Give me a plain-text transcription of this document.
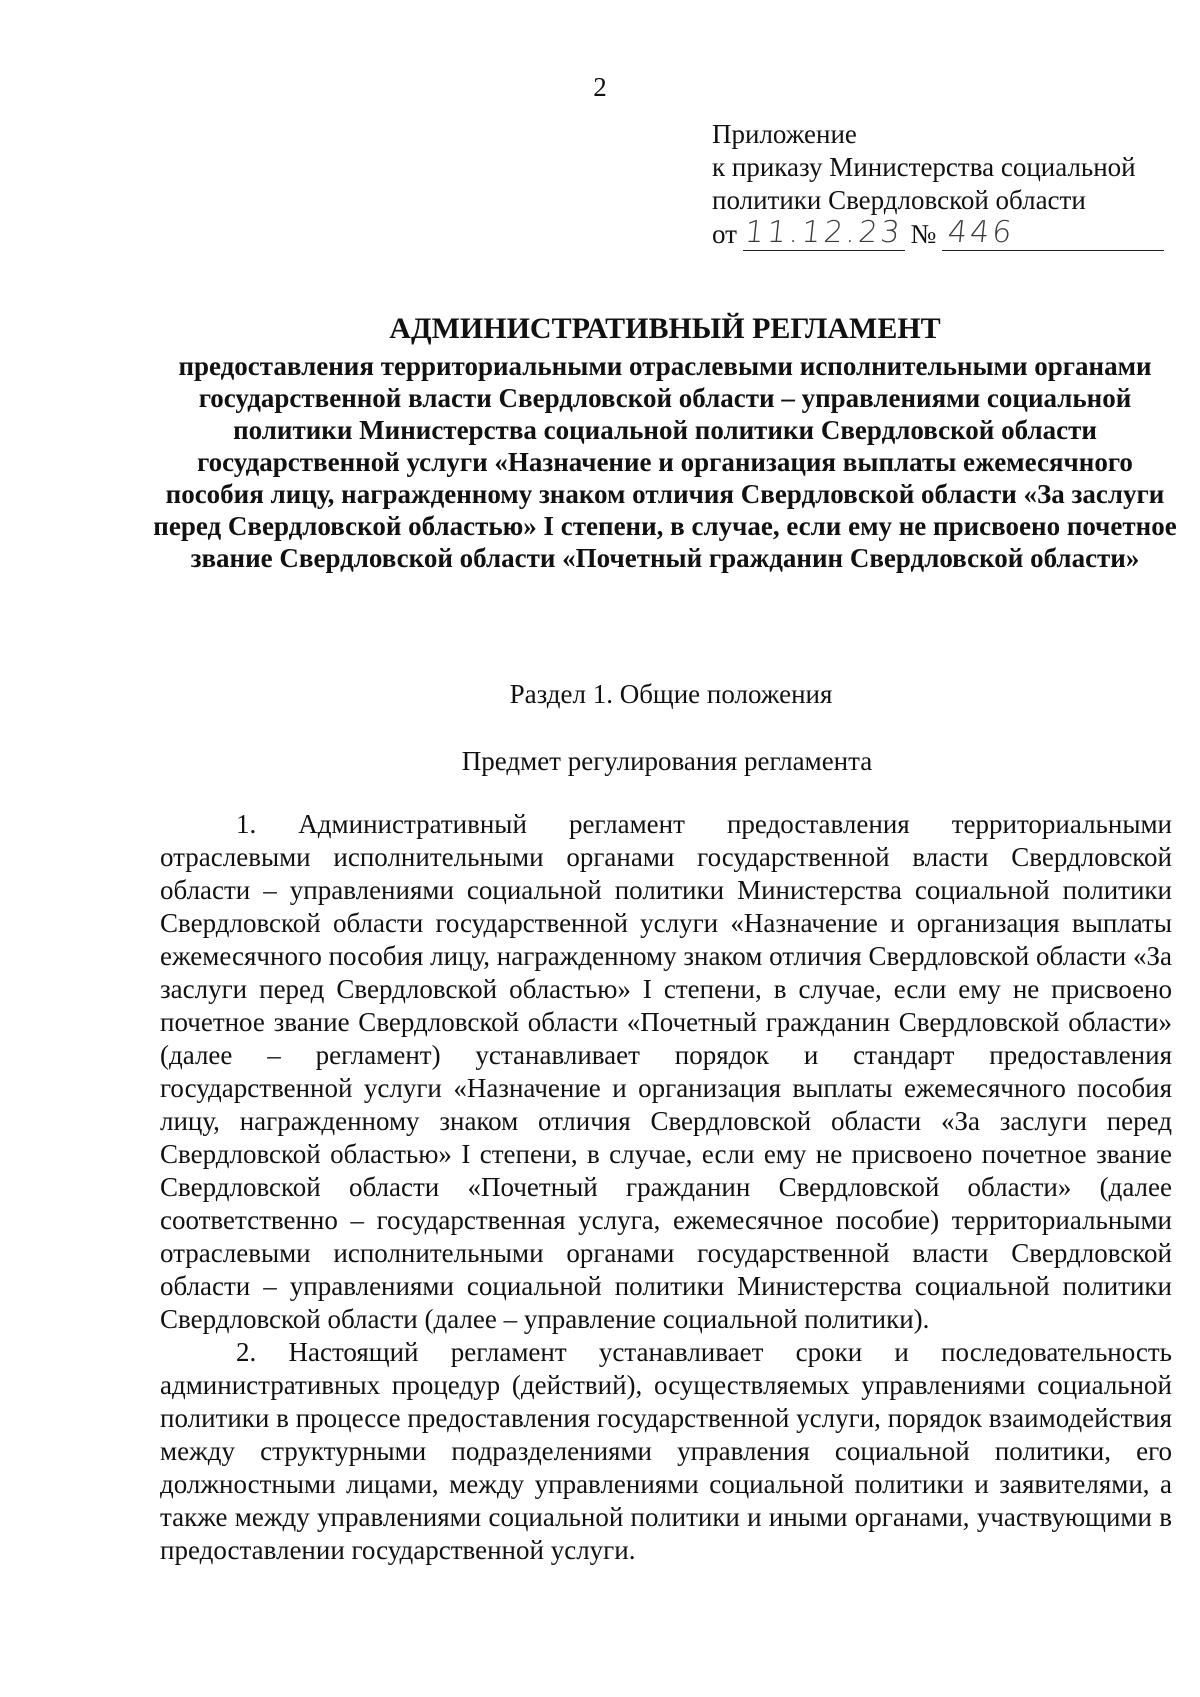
2
Приложение
к приказу Министерства социальной
политики Свердловской области
от 11.12.23 № 446
АДМИНИСТРАТИВНЫЙ РЕГЛАМЕНТ
предоставления территориальными отраслевыми исполнительными органами государственной власти Свердловской области – управлениями социальной политики Министерства социальной политики Свердловской области государственной услуги «Назначение и организация выплаты ежемесячного пособия лицу, награжденному знаком отличия Свердловской области «За заслуги перед Свердловской областью» I степени, в случае, если ему не присвоено почетное звание Свердловской области «Почетный гражданин Свердловской области»
Раздел 1. Общие положения
Предмет регулирования регламента

1. Административный регламент предоставления территориальными отраслевыми исполнительными органами государственной власти Свердловской области – управлениями социальной политики Министерства социальной политики Свердловской области государственной услуги «Назначение и организация выплаты ежемесячного пособия лицу, награжденному знаком отличия Свердловской области «За заслуги перед Свердловской областью» I степени, в случае, если ему не присвоено почетное звание Свердловской области «Почетный гражданин Свердловской области» (далее – регламент) устанавливает порядок и стандарт предоставления государственной услуги «Назначение и организация выплаты ежемесячного пособия лицу, награжденному знаком отличия Свердловской области «За заслуги перед Свердловской областью» I степени, в случае, если ему не присвоено почетное звание Свердловской области «Почетный гражданин Свердловской области» (далее соответственно – государственная услуга, ежемесячное пособие) территориальными отраслевыми исполнительными органами государственной власти Свердловской области – управлениями социальной политики Министерства социальной политики Свердловской области (далее – управление социальной политики).

2. Настоящий регламент устанавливает сроки и последовательность административных процедур (действий), осуществляемых управлениями социальной политики в процессе предоставления государственной услуги, порядок взаимодействия между структурными подразделениями управления социальной политики, его должностными лицами, между управлениями социальной политики и заявителями, а также между управлениями социальной политики и иными органами, участвующими в предоставлении государственной услуги.
